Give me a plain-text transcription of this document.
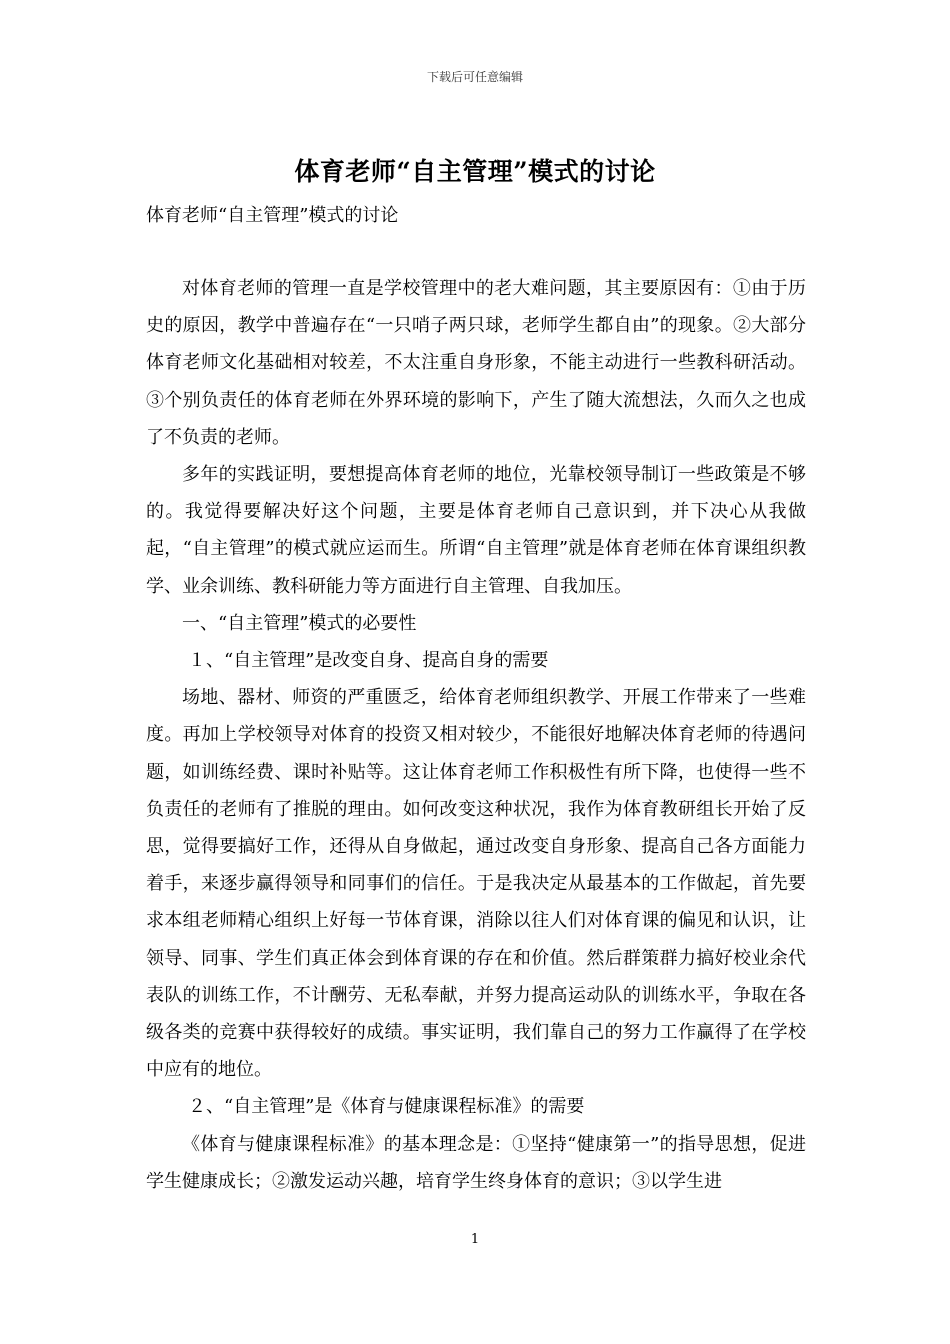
下载后可任意编辑
体育老师“自主管理”模式的讨论
体育老师“自主管理”模式的讨论

对体育老师的管理一直是学校管理中的老大难问题，其主要原因有：①由于历史的原因，教学中普遍存在“一只哨子两只球，老师学生都自由”的现象。②大部分体育老师文化基础相对较差，不太注重自身形象，不能主动进行一些教科研活动。③个别负责任的体育老师在外界环境的影响下，产生了随大流想法，久而久之也成了不负责的老师。

多年的实践证明，要想提高体育老师的地位，光靠校领导制订一些政策是不够的。我觉得要解决好这个问题，主要是体育老师自己意识到，并下决心从我做起，“自主管理”的模式就应运而生。所谓“自主管理”就是体育老师在体育课组织教学、业余训练、教科研能力等方面进行自主管理、自我加压。

一、“自主管理”模式的必要性

１、“自主管理”是改变自身、提高自身的需要

场地、器材、师资的严重匮乏，给体育老师组织教学、开展工作带来了一些难度。再加上学校领导对体育的投资又相对较少，不能很好地解决体育老师的待遇问题，如训练经费、课时补贴等。这让体育老师工作积极性有所下降，也使得一些不负责任的老师有了推脱的理由。如何改变这种状况，我作为体育教研组长开始了反思，觉得要搞好工作，还得从自身做起，通过改变自身形象、提高自己各方面能力着手，来逐步赢得领导和同事们的信任。于是我决定从最基本的工作做起，首先要求本组老师精心组织上好每一节体育课，消除以往人们对体育课的偏见和认识，让领导、同事、学生们真正体会到体育课的存在和价值。然后群策群力搞好校业余代表队的训练工作，不计酬劳、无私奉献，并努力提高运动队的训练水平，争取在各级各类的竞赛中获得较好的成绩。事实证明，我们靠自己的努力工作赢得了在学校中应有的地位。

２、“自主管理”是《体育与健康课程标准》的需要

《体育与健康课程标准》的基本理念是：①坚持“健康第一”的指导思想，促进学生健康成长；②激发运动兴趣，培育学生终身体育的意识；③以学生进

1
